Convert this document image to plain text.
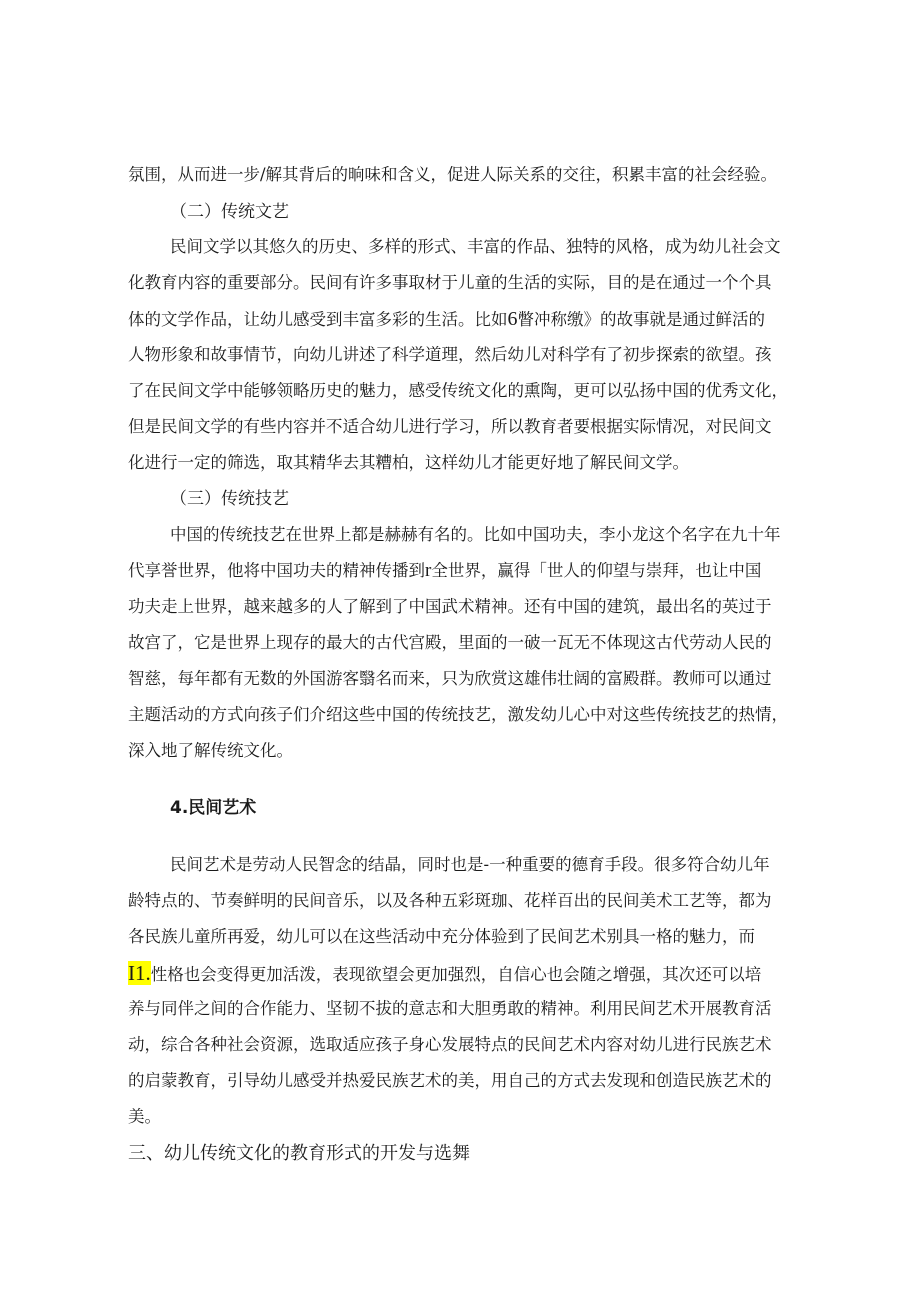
氛围，从而进一步/解其背后的晌味和含义，促进人际关系的交往，积累丰富的社会经验。
（二）传统文艺
民间文学以其悠久的历史、多样的形式、丰富的作品、独特的风格，成为幼儿社会文
化教育内容的重要部分。民间有许多事取材于儿童的生活的实际，目的是在通过一个个具
体的文学作品，让幼儿感受到丰富多彩的生活。比如6瞥冲称缴》的故事就是通过鲜活的
人物形象和故事情节，向幼儿讲述了科学道理，然后幼儿对科学有了初步探索的欲望。孩
了在民间文学中能够领略历史的魅力，感受传统文化的熏陶，更可以弘扬中国的优秀文化，
但是民间文学的有些内容并不适合幼儿进行学习，所以教育者要根据实际情况，对民间文
化进行一定的筛选，取其精华去其糟柏，这样幼儿才能更好地了解民间文学。
（三）传统技艺
中国的传统技艺在世界上都是赫赫有名的。比如中国功夫，李小龙这个名字在九十年
代享誉世界，他将中国功夫的精神传播到r全世界，赢得「世人的仰望与崇拜，也让中国
功夫走上世界，越来越多的人了解到了中国武术精神。还有中国的建筑，最出名的英过于
故宫了，它是世界上现存的最大的古代宫殿，里面的一破一瓦无不体现这古代劳动人民的
智慈，每年都有无数的外国游客翳名而来，只为欣赏这雄伟壮阔的富殿群。教师可以通过
主题活动的方式向孩子们介绍这些中国的传统技艺，激发幼儿心中对这些传统技艺的热情，
深入地了解传统文化。
4.民间艺术
民间艺术是劳动人民智念的结晶，同时也是-一种重要的德育手段。很多符合幼儿年
龄特点的、节奏鲜明的民间音乐，以及各种五彩斑珈、花样百出的民间美术工艺等，都为
各民族儿童所再爱，幼儿可以在这些活动中充分体验到了民间艺术别具一格的魅力，而
I1.性格也会变得更加活泼，表现欲望会更加强烈，自信心也会随之增强，其次还可以培
养与同伴之间的合作能力、坚韧不拔的意志和大胆勇敢的精神。利用民间艺术开展教育活
动，综合各种社会资源，选取适应孩子身心发展特点的民间艺术内容对幼儿进行民族艺术
的启蒙教育，引导幼儿感受并热爱民族艺术的美，用自己的方式去发现和创造民族艺术的
美。
三、幼儿传统文化的教育形式的开发与选舞
